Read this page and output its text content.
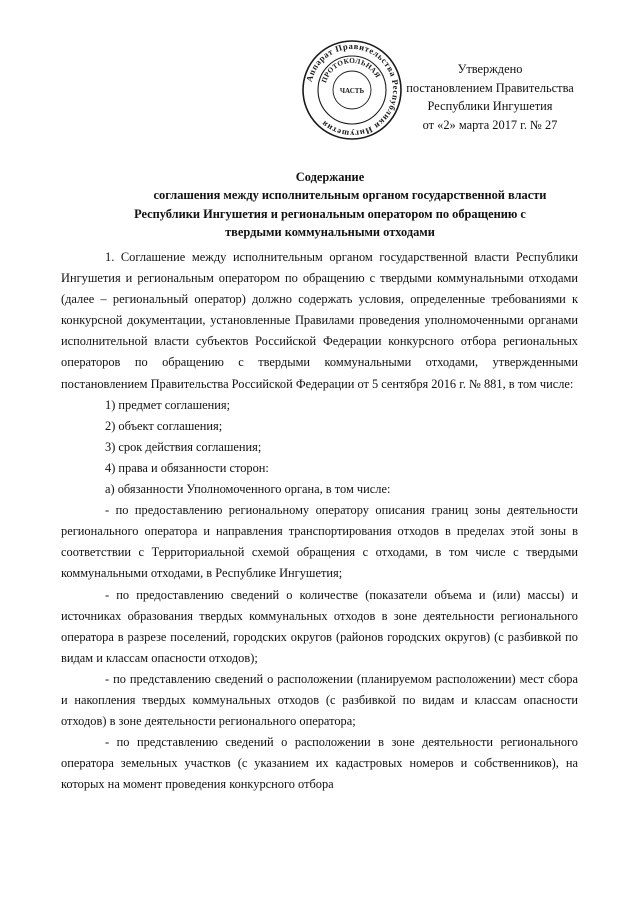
Утверждено
постановлением Правительства
Республики Ингушетия
от «2» марта 2017 г. № 27
Аппарат Правительства Республики Ингушетия
ПРОТОКОЛЬНАЯ
ЧАСТЬ
Содержание
соглашения между исполнительным органом государственной власти
Республики Ингушетия и региональным оператором по обращению с
твердыми коммунальными отходами

1. Соглашение между исполнительным органом государственной власти Республики Ингушетия и региональным оператором по обращению с твердыми коммунальными отходами (далее – региональный оператор) должно содержать условия, определенные требованиями к конкурсной документации, установленные Правилами проведения уполномоченными органами исполнительной власти субъектов Российской Федерации конкурсного отбора региональных операторов по обращению с твердыми коммунальными отходами, утвержденными постановлением Правительства Российской Федерации от 5 сентября 2016 г. № 881, в том числе:

1) предмет соглашения;

2) объект соглашения;

3) срок действия соглашения;

4) права и обязанности сторон:

а) обязанности Уполномоченного органа, в том числе:

- по предоставлению региональному оператору описания границ зоны деятельности регионального оператора и направления транспортирования отходов в пределах этой зоны в соответствии с Территориальной схемой обращения с отходами, в том числе с твердыми коммунальными отходами, в Республике Ингушетия;

- по предоставлению сведений о количестве (показатели объема и (или) массы) и источниках образования твердых коммунальных отходов в зоне деятельности регионального оператора в разрезе поселений, городских округов (районов городских округов) (с разбивкой по видам и классам опасности отходов);

- по представлению сведений о расположении (планируемом расположении) мест сбора и накопления твердых коммунальных отходов (с разбивкой по видам и классам опасности отходов) в зоне деятельности регионального оператора;

- по представлению сведений о расположении в зоне деятельности регионального оператора земельных участков (с указанием их кадастровых номеров и собственников), на которых на момент проведения конкурсного отбора
